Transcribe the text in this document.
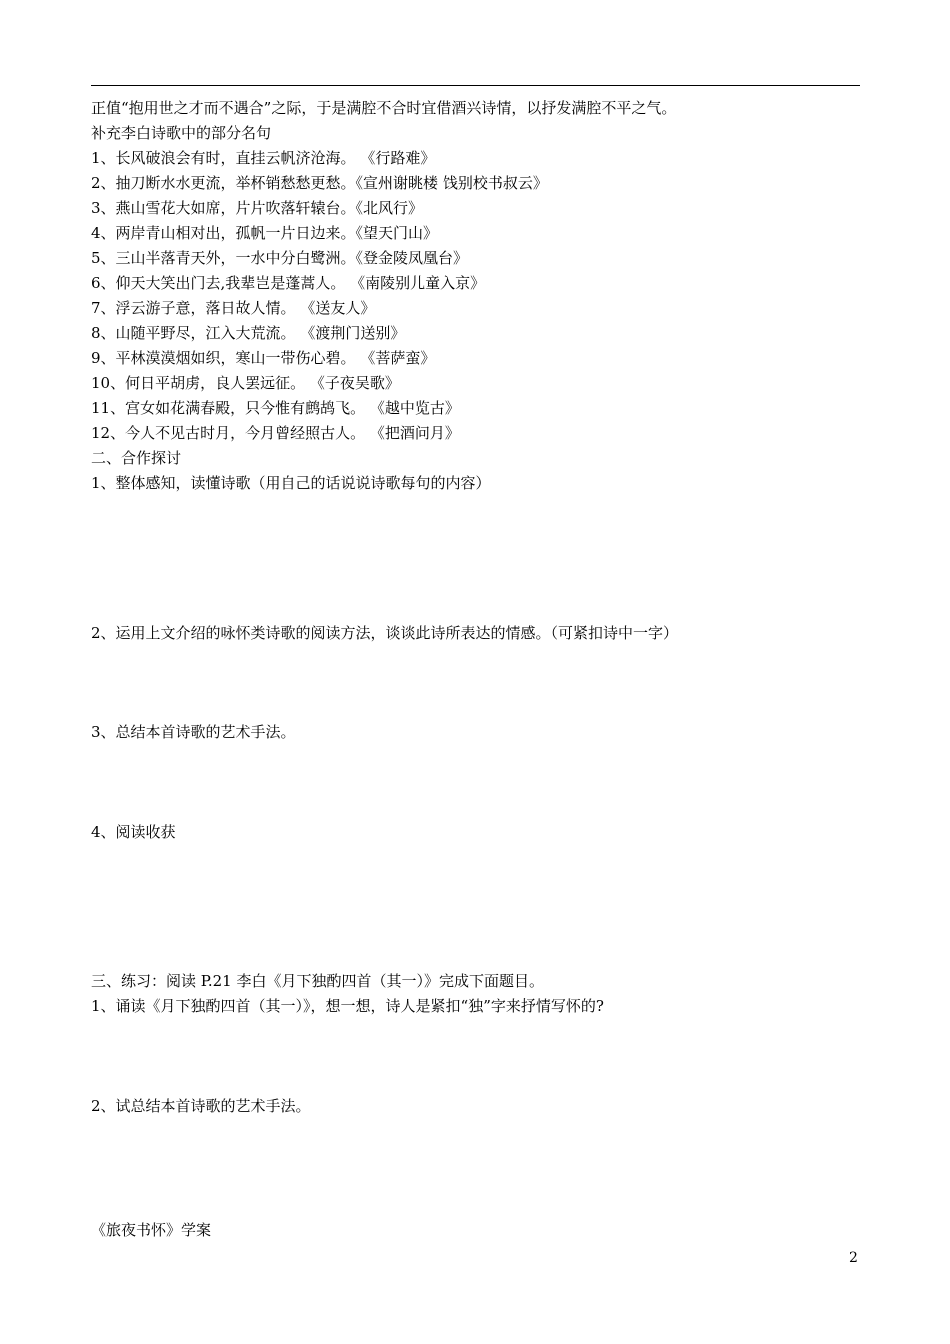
正值“抱用世之才而不遇合”之际，于是满腔不合时宜借酒兴诗情，以抒发满腔不平之气。
补充李白诗歌中的部分名句
1、长风破浪会有时，直挂云帆济沧海。 《行路难》
2、抽刀断水水更流，举杯销愁愁更愁。《宣州谢眺楼 饯别校书叔云》
3、燕山雪花大如席，片片吹落轩辕台。《北风行》
4、两岸青山相对出，孤帆一片日边来。《望天门山》
5、三山半落青天外，一水中分白鹭洲。《登金陵凤凰台》
6、仰天大笑出门去,我辈岂是蓬蒿人。 《南陵别儿童入京》
7、浮云游子意，落日故人情。 《送友人》
8、山随平野尽，江入大荒流。 《渡荆门送别》
9、平林漠漠烟如织，寒山一带伤心碧。 《菩萨蛮》
10、何日平胡虏，良人罢远征。 《子夜吴歌》
11、宫女如花满春殿，只今惟有鹧鸪飞。 《越中览古》
12、今人不见古时月，今月曾经照古人。 《把酒问月》
二、合作探讨
1、整体感知，读懂诗歌（用自己的话说说诗歌每句的内容）
2、运用上文介绍的咏怀类诗歌的阅读方法，谈谈此诗所表达的情感。（可紧扣诗中一字）
3、总结本首诗歌的艺术手法。
4、阅读收获
三、练习：阅读 P.21 李白《月下独酌四首（其一）》完成下面题目。
1、诵读《月下独酌四首（其一）》，想一想，诗人是紧扣“独”字来抒情写怀的?
2、试总结本首诗歌的艺术手法。
《旅夜书怀》学案
2
